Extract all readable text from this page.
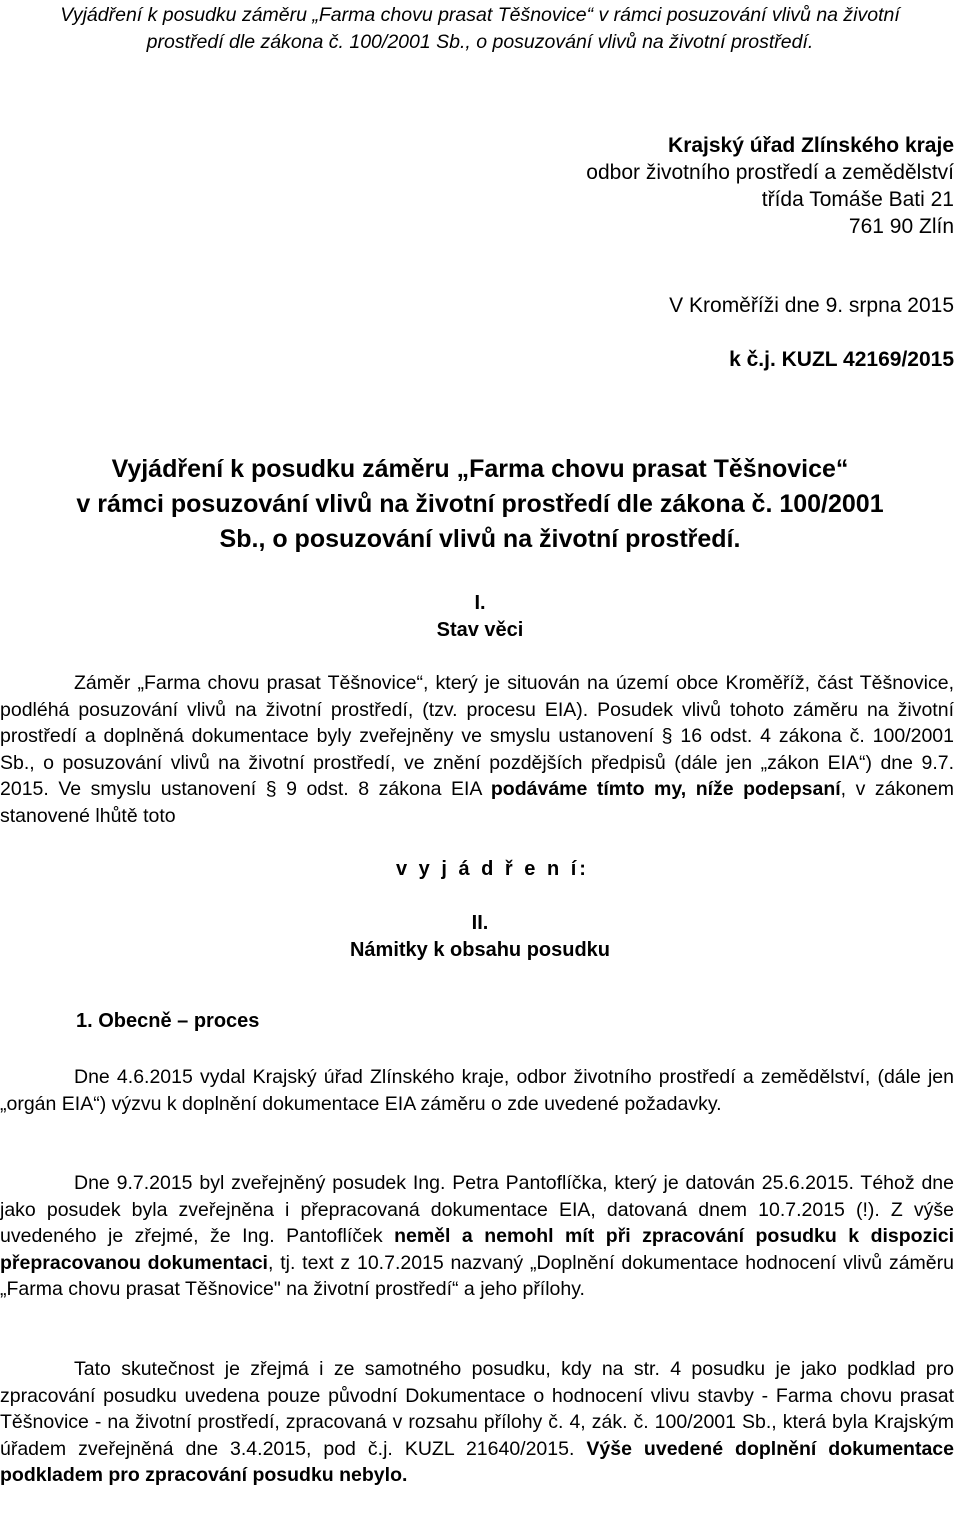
Vyjádření k posudku záměru „Farma chovu prasat Těšnovice“ v rámci posuzování vlivů na životní
prostředí dle zákona č. 100/2001 Sb., o posuzování vlivů na životní prostředí.
Krajský úřad Zlínského kraje
odbor životního prostředí a zemědělství
třída Tomáše Bati 21
761 90 Zlín
V Kroměříži dne 9. srpna 2015
k č.j. KUZL 42169/2015
Vyjádření k posudku záměru „Farma chovu prasat Těšnovice“
v rámci posuzování vlivů na životní prostředí dle zákona č. 100/2001
Sb., o posuzování vlivů na životní prostředí.
I.
Stav věci
Záměr „Farma chovu prasat Těšnovice“, který je situován na území obce Kroměříž, část Těšnovice, podléhá posuzování vlivů na životní prostředí, (tzv. procesu EIA). Posudek vlivů tohoto záměru na životní prostředí a doplněná dokumentace byly zveřejněny ve smyslu ustanovení § 16 odst. 4 zákona č. 100/2001 Sb., o posuzování vlivů na životní prostředí, ve znění pozdějších předpisů (dále jen „zákon EIA“) dne 9.7. 2015. Ve smyslu ustanovení § 9 odst. 8 zákona EIA podáváme tímto my, níže podepsaní, v zákonem stanovené lhůtě toto
v y j á d ř e n í:
II.
Námitky k obsahu posudku
1. Obecně – proces
Dne 4.6.2015 vydal Krajský úřad Zlínského kraje, odbor životního prostředí a zemědělství, (dále jen „orgán EIA“) výzvu k doplnění dokumentace EIA záměru o zde uvedené požadavky.
Dne 9.7.2015 byl zveřejněný posudek Ing. Petra Pantoflíčka, který je datován 25.6.2015. Téhož dne jako posudek byla zveřejněna i přepracovaná dokumentace EIA, datovaná dnem 10.7.2015 (!). Z výše uvedeného je zřejmé, že Ing. Pantoflíček neměl a nemohl mít při zpracování posudku k dispozici přepracovanou dokumentaci, tj. text z 10.7.2015 nazvaný „Doplnění dokumentace hodnocení vlivů záměru „Farma chovu prasat Těšnovice" na životní prostředí“ a jeho přílohy.
Tato skutečnost je zřejmá i ze samotného posudku, kdy na str. 4 posudku je jako podklad pro zpracování posudku uvedena pouze původní Dokumentace o hodnocení vlivu stavby - Farma chovu prasat Těšnovice - na životní prostředí, zpracovaná v rozsahu přílohy č. 4, zák. č. 100/2001 Sb., která byla Krajským úřadem zveřejněná dne 3.4.2015, pod č.j. KUZL 21640/2015. Výše uvedené doplnění dokumentace podkladem pro zpracování posudku nebylo.
